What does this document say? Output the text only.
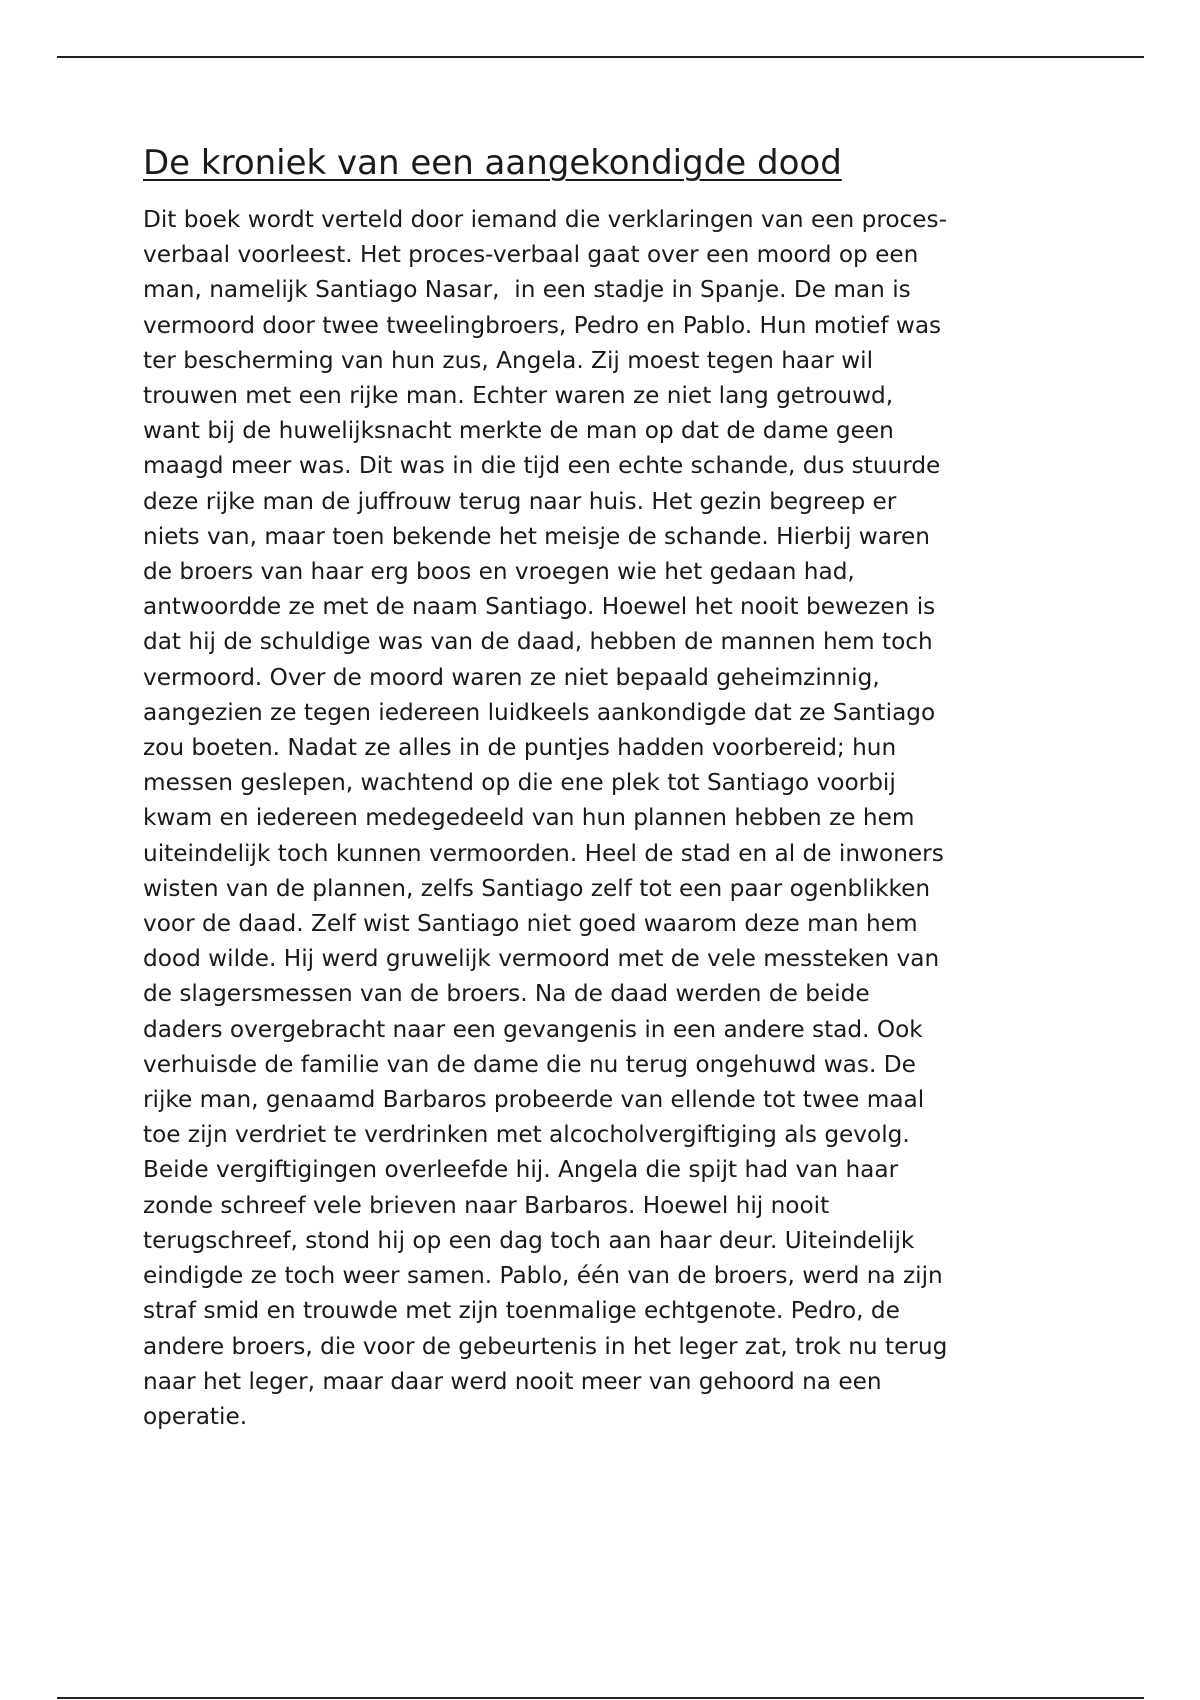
De kroniek van een aangekondigde dood
Dit boek wordt verteld door iemand die verklaringen van een proces-
verbaal voorleest. Het proces-verbaal gaat over een moord op een
man, namelijk Santiago Nasar,  in een stadje in Spanje. De man is
vermoord door twee tweelingbroers, Pedro en Pablo. Hun motief was
ter bescherming van hun zus, Angela. Zij moest tegen haar wil
trouwen met een rijke man. Echter waren ze niet lang getrouwd,
want bij de huwelijksnacht merkte de man op dat de dame geen
maagd meer was. Dit was in die tijd een echte schande, dus stuurde
deze rijke man de juffrouw terug naar huis. Het gezin begreep er
niets van, maar toen bekende het meisje de schande. Hierbij waren
de broers van haar erg boos en vroegen wie het gedaan had,
antwoordde ze met de naam Santiago. Hoewel het nooit bewezen is
dat hij de schuldige was van de daad, hebben de mannen hem toch
vermoord. Over de moord waren ze niet bepaald geheimzinnig,
aangezien ze tegen iedereen luidkeels aankondigde dat ze Santiago
zou boeten. Nadat ze alles in de puntjes hadden voorbereid; hun
messen geslepen, wachtend op die ene plek tot Santiago voorbij
kwam en iedereen medegedeeld van hun plannen hebben ze hem
uiteindelijk toch kunnen vermoorden. Heel de stad en al de inwoners
wisten van de plannen, zelfs Santiago zelf tot een paar ogenblikken
voor de daad. Zelf wist Santiago niet goed waarom deze man hem
dood wilde. Hij werd gruwelijk vermoord met de vele messteken van
de slagersmessen van de broers. Na de daad werden de beide
daders overgebracht naar een gevangenis in een andere stad. Ook
verhuisde de familie van de dame die nu terug ongehuwd was. De
rijke man, genaamd Barbaros probeerde van ellende tot twee maal
toe zijn verdriet te verdrinken met alcocholvergiftiging als gevolg.
Beide vergiftigingen overleefde hij. Angela die spijt had van haar
zonde schreef vele brieven naar Barbaros. Hoewel hij nooit
terugschreef, stond hij op een dag toch aan haar deur. Uiteindelijk
eindigde ze toch weer samen. Pablo, één van de broers, werd na zijn
straf smid en trouwde met zijn toenmalige echtgenote. Pedro, de
andere broers, die voor de gebeurtenis in het leger zat, trok nu terug
naar het leger, maar daar werd nooit meer van gehoord na een
operatie.
